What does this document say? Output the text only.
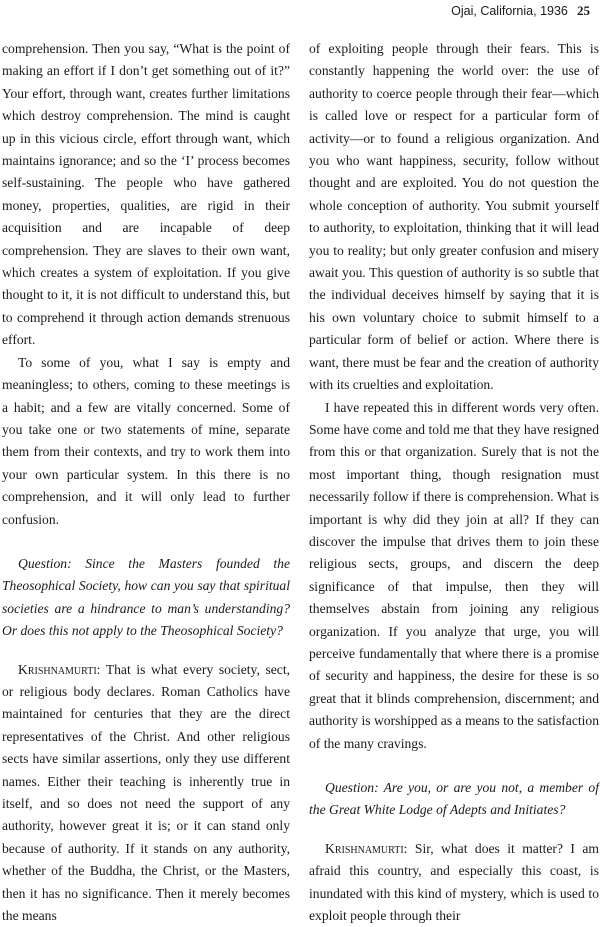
Ojai, California, 1936 25

comprehension. Then you say, “What is the point of making an effort if I don’t get something out of it?” Your effort, through want, creates further limitations which destroy comprehension. The mind is caught up in this vicious circle, effort through want, which maintains ignorance; and so the ‘I’ process becomes self-sustaining. The people who have gathered money, properties, qualities, are rigid in their acquisition and are incapable of deep comprehension. They are slaves to their own want, which creates a system of exploitation. If you give thought to it, it is not difficult to understand this, but to comprehend it through action demands strenuous effort.

To some of you, what I say is empty and meaningless; to others, coming to these meetings is a habit; and a few are vitally concerned. Some of you take one or two statements of mine, separate them from their contexts, and try to work them into your own particular system. In this there is no comprehension, and it will only lead to further confusion.

Question: Since the Masters founded the Theosophical Society, how can you say that spiritual societies are a hindrance to man’s understanding? Or does this not apply to the Theosophical Society?

Krishnamurti: That is what every society, sect, or religious body declares. Roman Catholics have maintained for centuries that they are the direct representatives of the Christ. And other religious sects have similar assertions, only they use different names. Either their teaching is inherently true in itself, and so does not need the support of any authority, however great it is; or it can stand only because of authority. If it stands on any authority, whether of the Buddha, the Christ, or the Masters, then it has no significance. Then it merely becomes the means

of exploiting people through their fears. This is constantly happening the world over: the use of authority to coerce people through their fear—which is called love or respect for a particular form of activity—or to found a religious organization. And you who want happiness, security, follow without thought and are exploited. You do not question the whole conception of authority. You submit yourself to authority, to exploitation, thinking that it will lead you to reality; but only greater confusion and misery await you. This question of authority is so subtle that the individual deceives himself by saying that it is his own voluntary choice to submit himself to a particular form of belief or action. Where there is want, there must be fear and the creation of authority with its cruelties and exploitation.

I have repeated this in different words very often. Some have come and told me that they have resigned from this or that organization. Surely that is not the most important thing, though resignation must necessarily follow if there is comprehension. What is important is why did they join at all? If they can discover the impulse that drives them to join these religious sects, groups, and discern the deep significance of that impulse, then they will themselves abstain from joining any religious organization. If you analyze that urge, you will perceive fundamentally that where there is a promise of security and happiness, the desire for these is so great that it blinds comprehension, discernment; and authority is worshipped as a means to the satisfaction of the many cravings.

Question: Are you, or are you not, a member of the Great White Lodge of Adepts and Initiates?

Krishnamurti: Sir, what does it matter? I am afraid this country, and especially this coast, is inundated with this kind of mystery, which is used to exploit people through their
